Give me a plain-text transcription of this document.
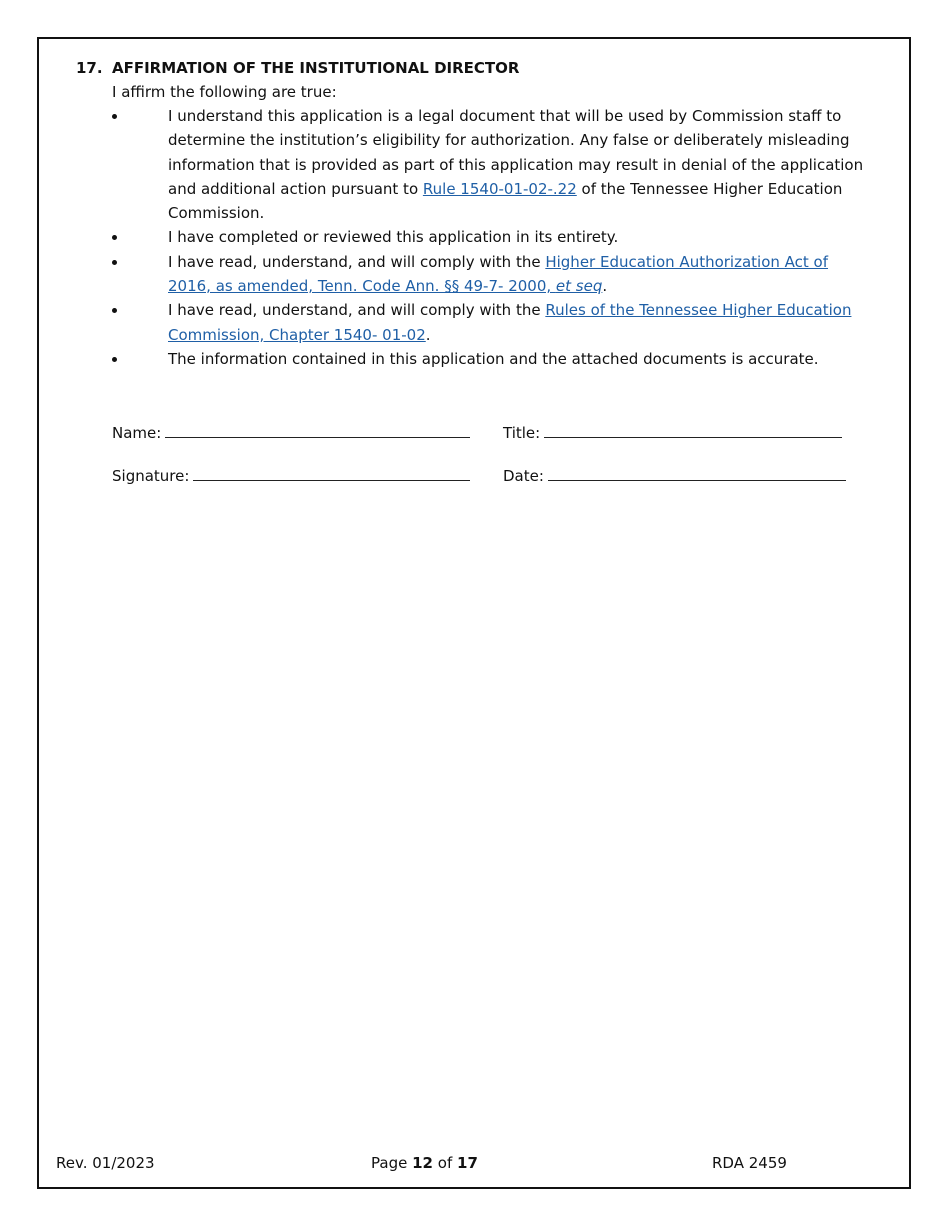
17. AFFIRMATION OF THE INSTITUTIONAL DIRECTOR
I affirm the following are true:
I understand this application is a legal document that will be used by Commission staff to determine the institution’s eligibility for authorization. Any false or deliberately misleading information that is provided as part of this application may result in denial of the application and additional action pursuant to Rule 1540-01-02-.22 of the Tennessee Higher Education Commission.
I have completed or reviewed this application in its entirety.
I have read, understand, and will comply with the Higher Education Authorization Act of 2016, as amended, Tenn. Code Ann. §§ 49-7- 2000, et seq.
I have read, understand, and will comply with the Rules of the Tennessee Higher Education Commission, Chapter 1540- 01-02.
The information contained in this application and the attached documents is accurate.
Name:	Title:
Signature:	Date:
Rev. 01/2023	Page 12 of 17	RDA 2459
